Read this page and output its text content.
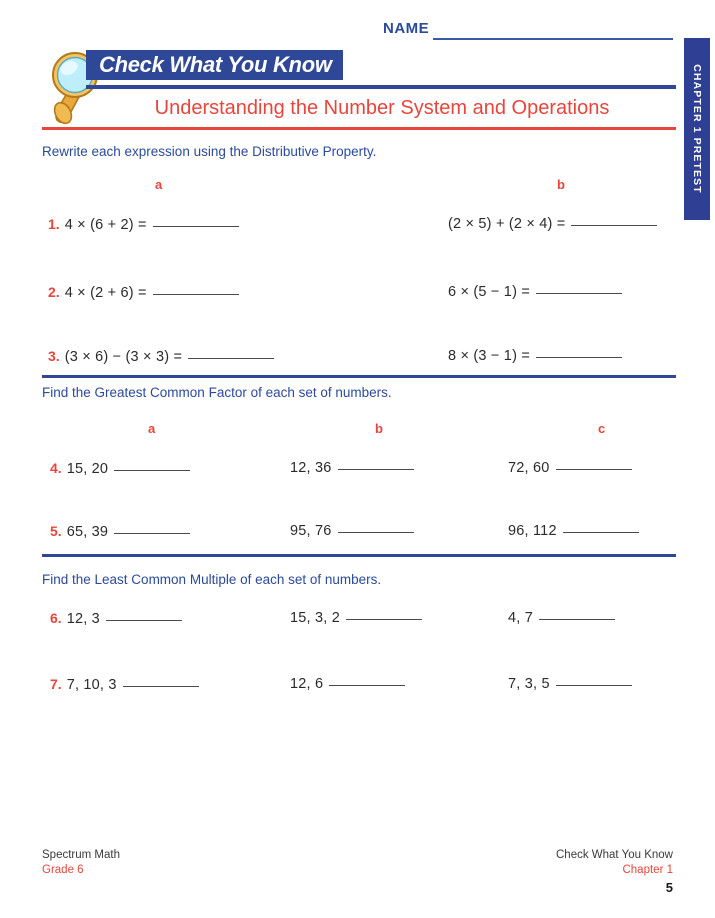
NAME
CHAPTER 1 PRETEST
Check What You Know
Understanding the Number System and Operations
Rewrite each expression using the Distributive Property.
a	b
1. 4 × (6 + 2) =	(2 × 5) + (2 × 4) =
2. 4 × (2 + 6) =	6 × (5 − 1) =
3. (3 × 6) − (3 × 3) =	8 × (3 − 1) =
Find the Greatest Common Factor of each set of numbers.
a	b	c
4. 15, 20	12, 36	72, 60
5. 65, 39	95, 76	96, 112
Find the Least Common Multiple of each set of numbers.
6. 12, 3	15, 3, 2	4, 7
7. 7, 10, 3	12, 6	7, 3, 5
Spectrum Math
Grade 6
Check What You Know
Chapter 1
5
